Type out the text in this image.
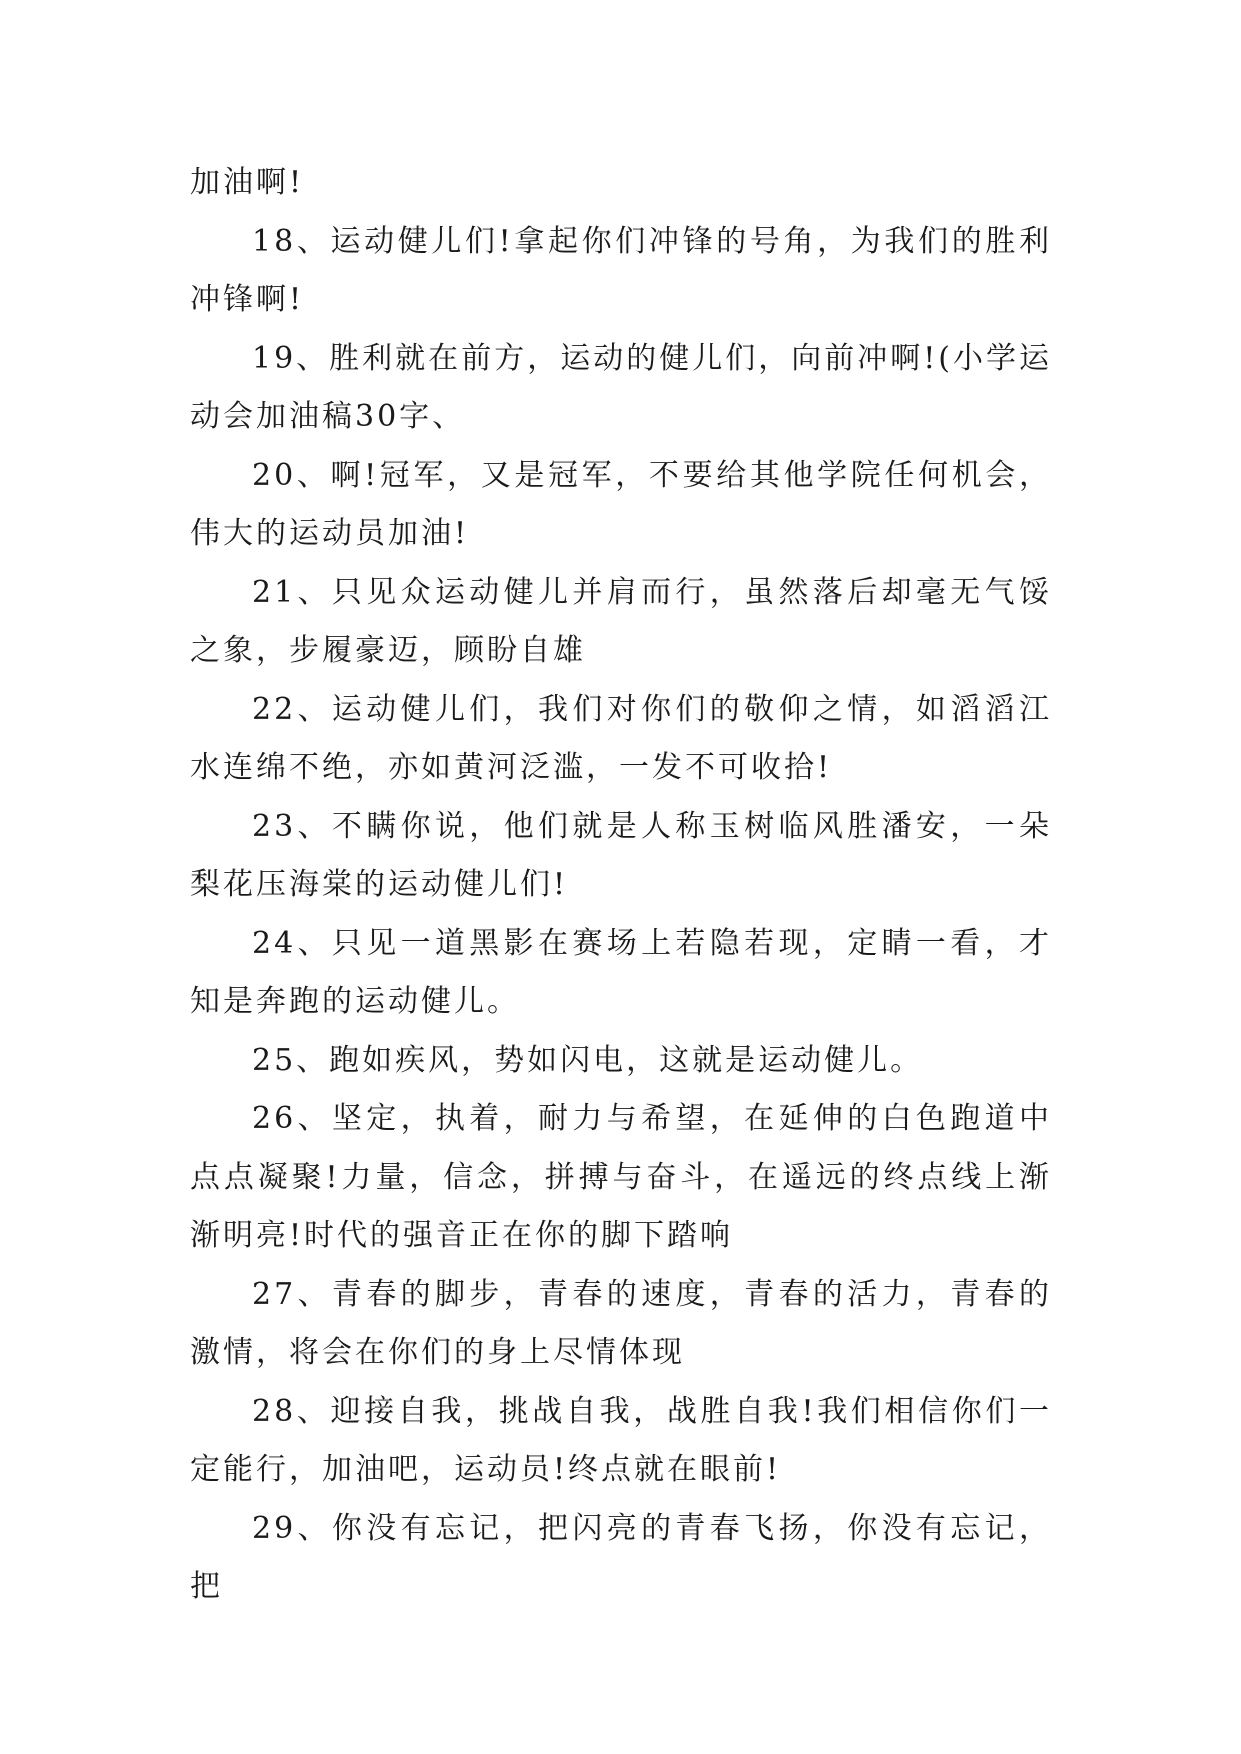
加油啊!

18、运动健儿们!拿起你们冲锋的号角，为我们的胜利冲锋啊!

19、胜利就在前方，运动的健儿们，向前冲啊!(小学运动会加油稿30字、

20、啊!冠军，又是冠军，不要给其他学院任何机会，伟大的运动员加油!

21、只见众运动健儿并肩而行，虽然落后却毫无气馁之象，步履豪迈，顾盼自雄

22、运动健儿们，我们对你们的敬仰之情，如滔滔江水连绵不绝，亦如黄河泛滥，一发不可收拾!

23、不瞒你说，他们就是人称玉树临风胜潘安，一朵梨花压海棠的运动健儿们!

24、只见一道黑影在赛场上若隐若现，定睛一看，才知是奔跑的运动健儿。

25、跑如疾风，势如闪电，这就是运动健儿。

26、坚定，执着，耐力与希望，在延伸的白色跑道中点点凝聚!力量，信念，拼搏与奋斗，在遥远的终点线上渐渐明亮!时代的强音正在你的脚下踏响

27、青春的脚步，青春的速度，青春的活力，青春的激情，将会在你们的身上尽情体现

28、迎接自我，挑战自我，战胜自我!我们相信你们一定能行，加油吧，运动员!终点就在眼前!

29、你没有忘记，把闪亮的青春飞扬，你没有忘记，把
